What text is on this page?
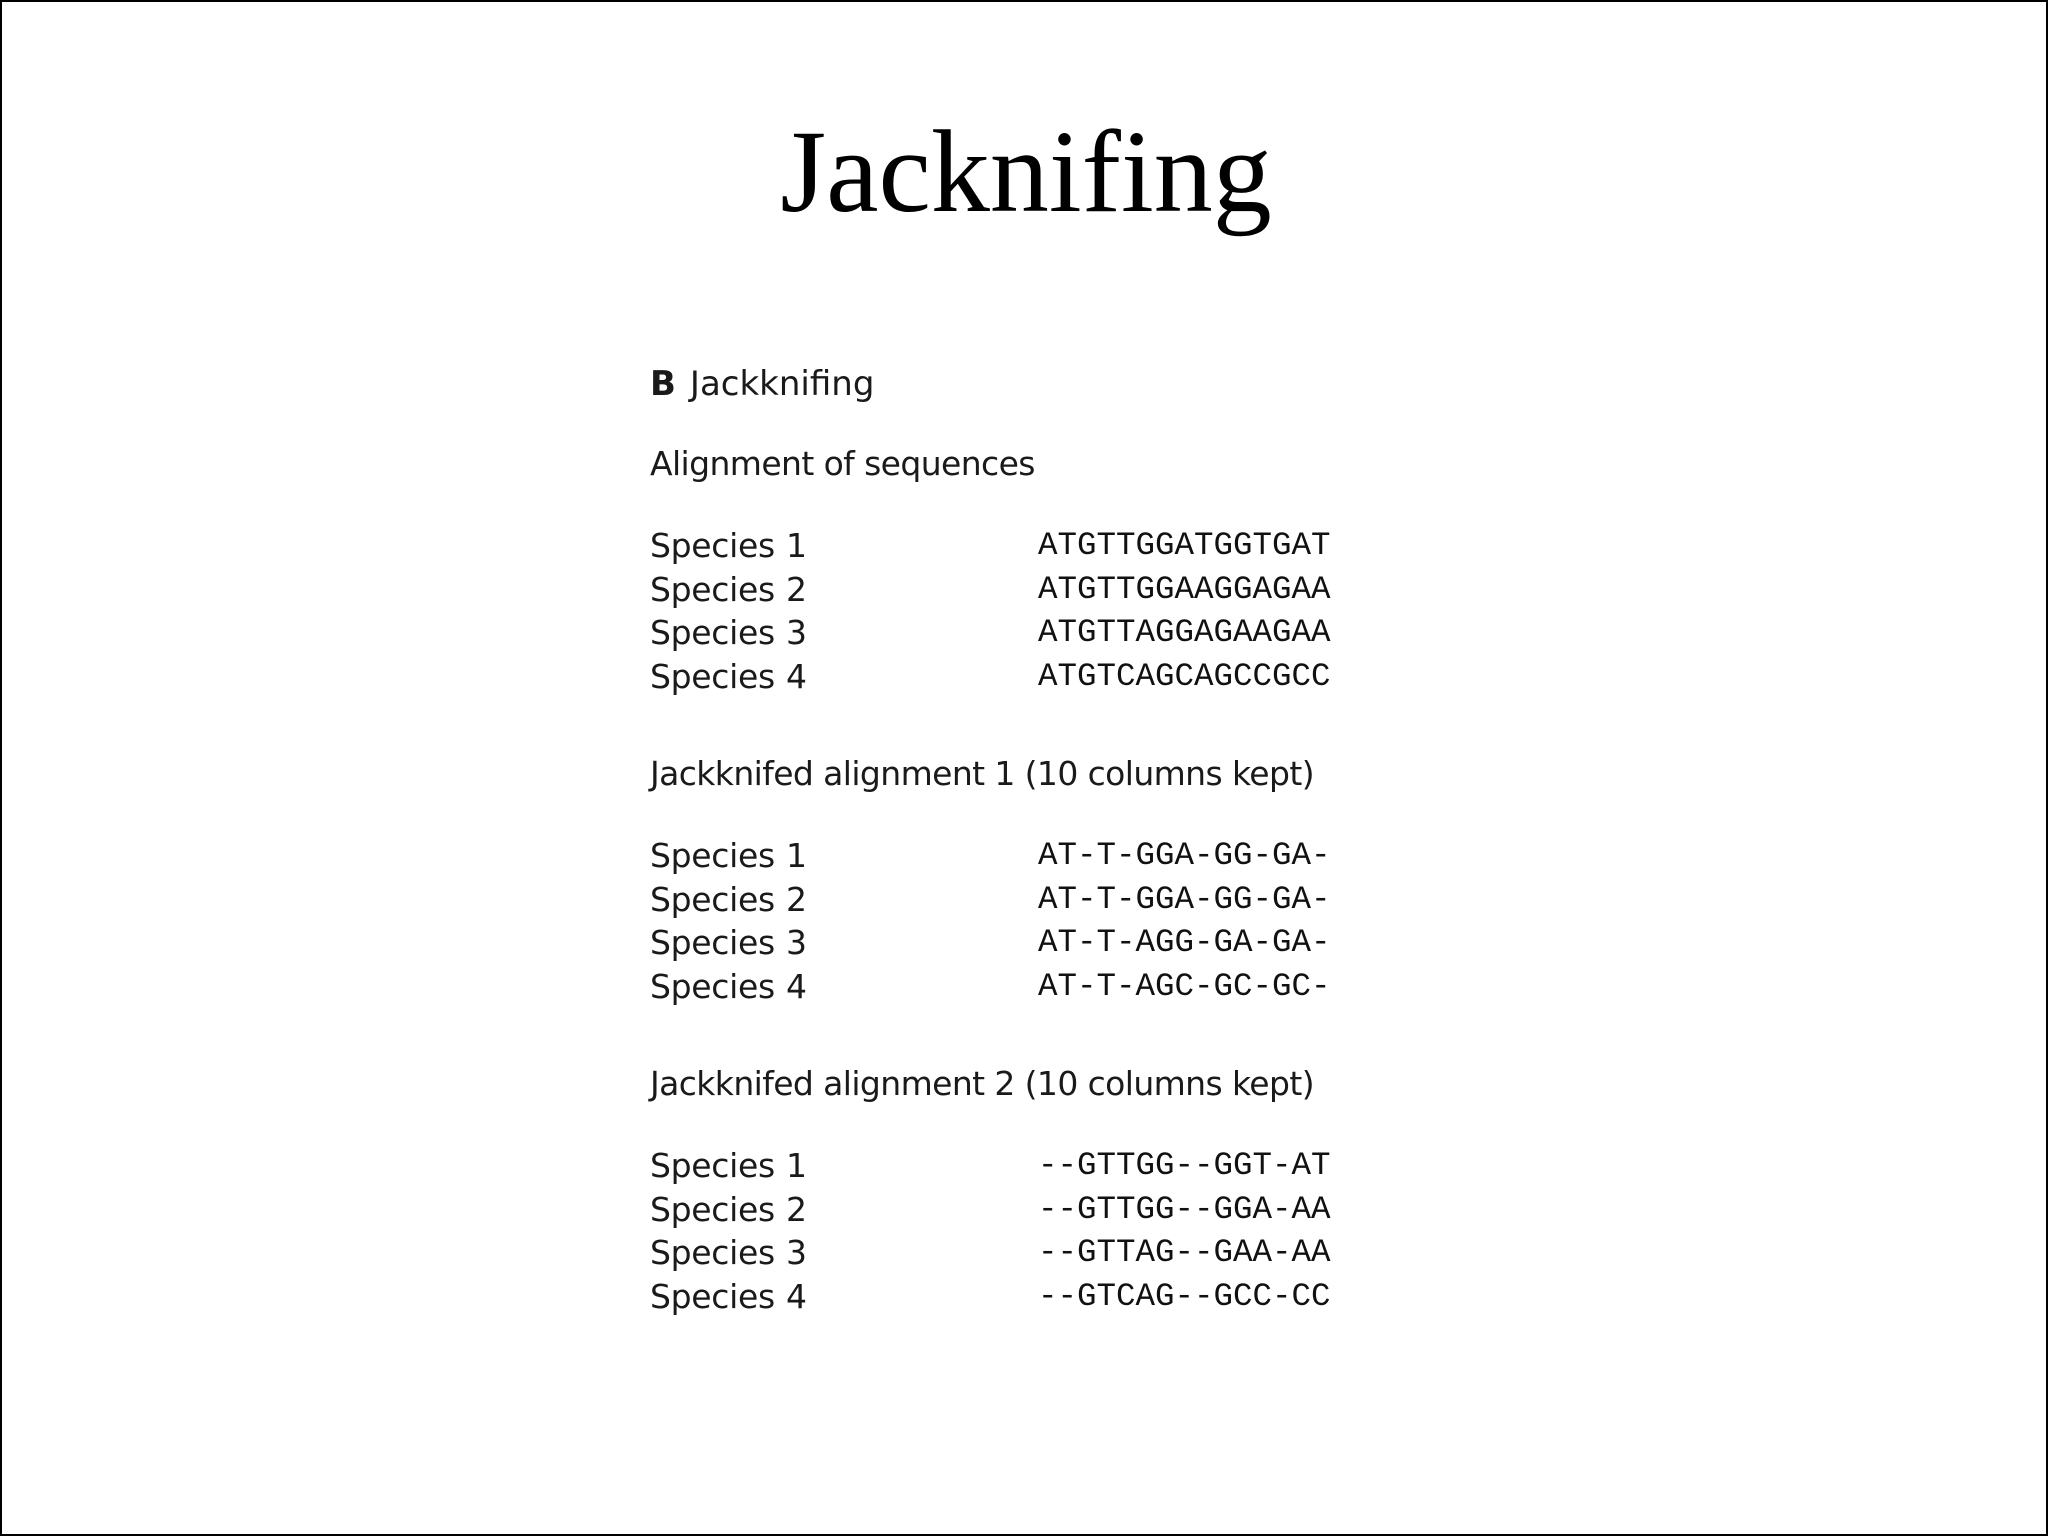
Jacknifing
B Jackknifing
Alignment of sequences
Species 1	ATGTTGGATGGTGAT
Species 2	ATGTTGGAAGGAGAA
Species 3	ATGTTAGGAGAAGAA
Species 4	ATGTCAGCAGCCGCC
Jackknifed alignment 1 (10 columns kept)
Species 1	AT-T-GGA-GG-GA-
Species 2	AT-T-GGA-GG-GA-
Species 3	AT-T-AGG-GA-GA-
Species 4	AT-T-AGC-GC-GC-
Jackknifed alignment 2 (10 columns kept)
Species 1	--GTTGG--GGT-AT
Species 2	--GTTGG--GGA-AA
Species 3	--GTTAG--GAA-AA
Species 4	--GTCAG--GCC-CC
